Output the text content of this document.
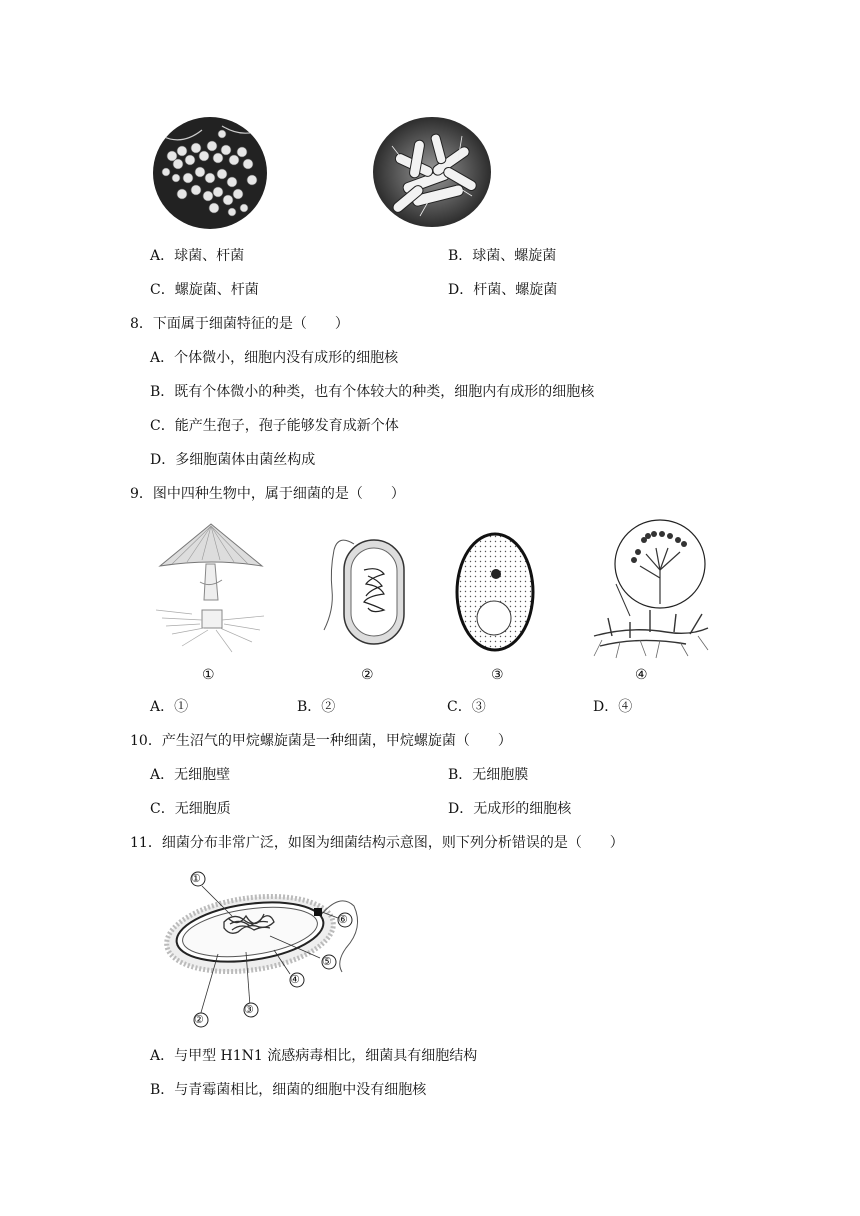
A．球菌、杆菌	B．球菌、螺旋菌
C．螺旋菌、杆菌	D．杆菌、螺旋菌
8．下面属于细菌特征的是（　　）
A．个体微小，细胞内没有成形的细胞核
B．既有个体微小的种类，也有个体较大的种类，细胞内有成形的细胞核
C．能产生孢子，孢子能够发育成新个体
D．多细胞菌体由菌丝构成
9．图中四种生物中，属于细菌的是（　　）
①	②	③	④
A．①	B．②	C．③	D．④
10．产生沼气的甲烷螺旋菌是一种细菌，甲烷螺旋菌（　　）
A．无细胞壁	B．无细胞膜
C．无细胞质	D．无成形的细胞核
11．细菌分布非常广泛，如图为细菌结构示意图，则下列分析错误的是（　　）
①
②
③
④
⑤
⑥
A．与甲型 H1N1 流感病毒相比，细菌具有细胞结构
B．与青霉菌相比，细菌的细胞中没有细胞核
